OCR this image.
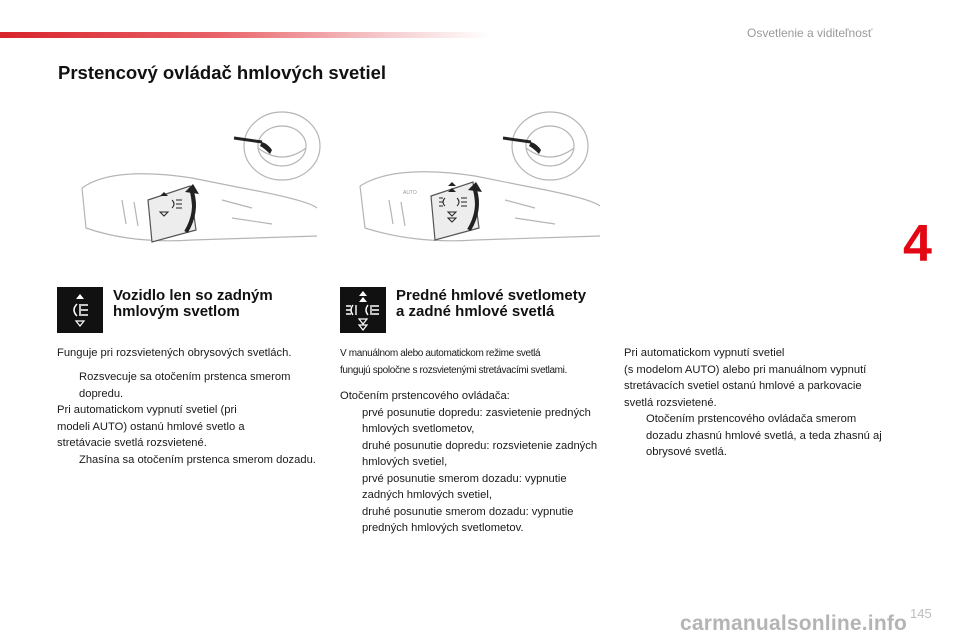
Osvetlenie a viditeľnosť
Prstencový ovládač hmlových svetiel
4
AUTO
Vozidlo len so zadným
hmlovým svetlom
Funguje pri rozsvietených obrysových svetlách.
Rozsvecuje sa otočením prstenca smerom dopredu.
Pri automatickom vypnutí svetiel (pri modeli AUTO) ostanú hmlové svetlo a stretávacie svetlá rozsvietené.
Zhasína sa otočením prstenca smerom dozadu.
Predné hmlové svetlomety
a zadné hmlové svetlá
V manuálnom alebo automatickom režime svetlá
fungujú spoločne s rozsvietenými stretávacími svetlami.
Otočením prstencového ovládača:
prvé posunutie dopredu: zasvietenie predných hmlových svetlometov,
druhé posunutie dopredu: rozsvietenie zadných hmlových svetiel,
prvé posunutie smerom dozadu: vypnutie zadných hmlových svetiel,
druhé posunutie smerom dozadu: vypnutie predných hmlových svetlometov.
Pri automatickom vypnutí svetiel
(s modelom AUTO) alebo pri manuálnom vypnutí stretávacích svetiel ostanú hmlové a parkovacie svetlá rozsvietené.
Otočením prstencového ovládača smerom dozadu zhasnú hmlové svetlá, a teda zhasnú aj obrysové svetlá.
145
carmanualsonline.info
